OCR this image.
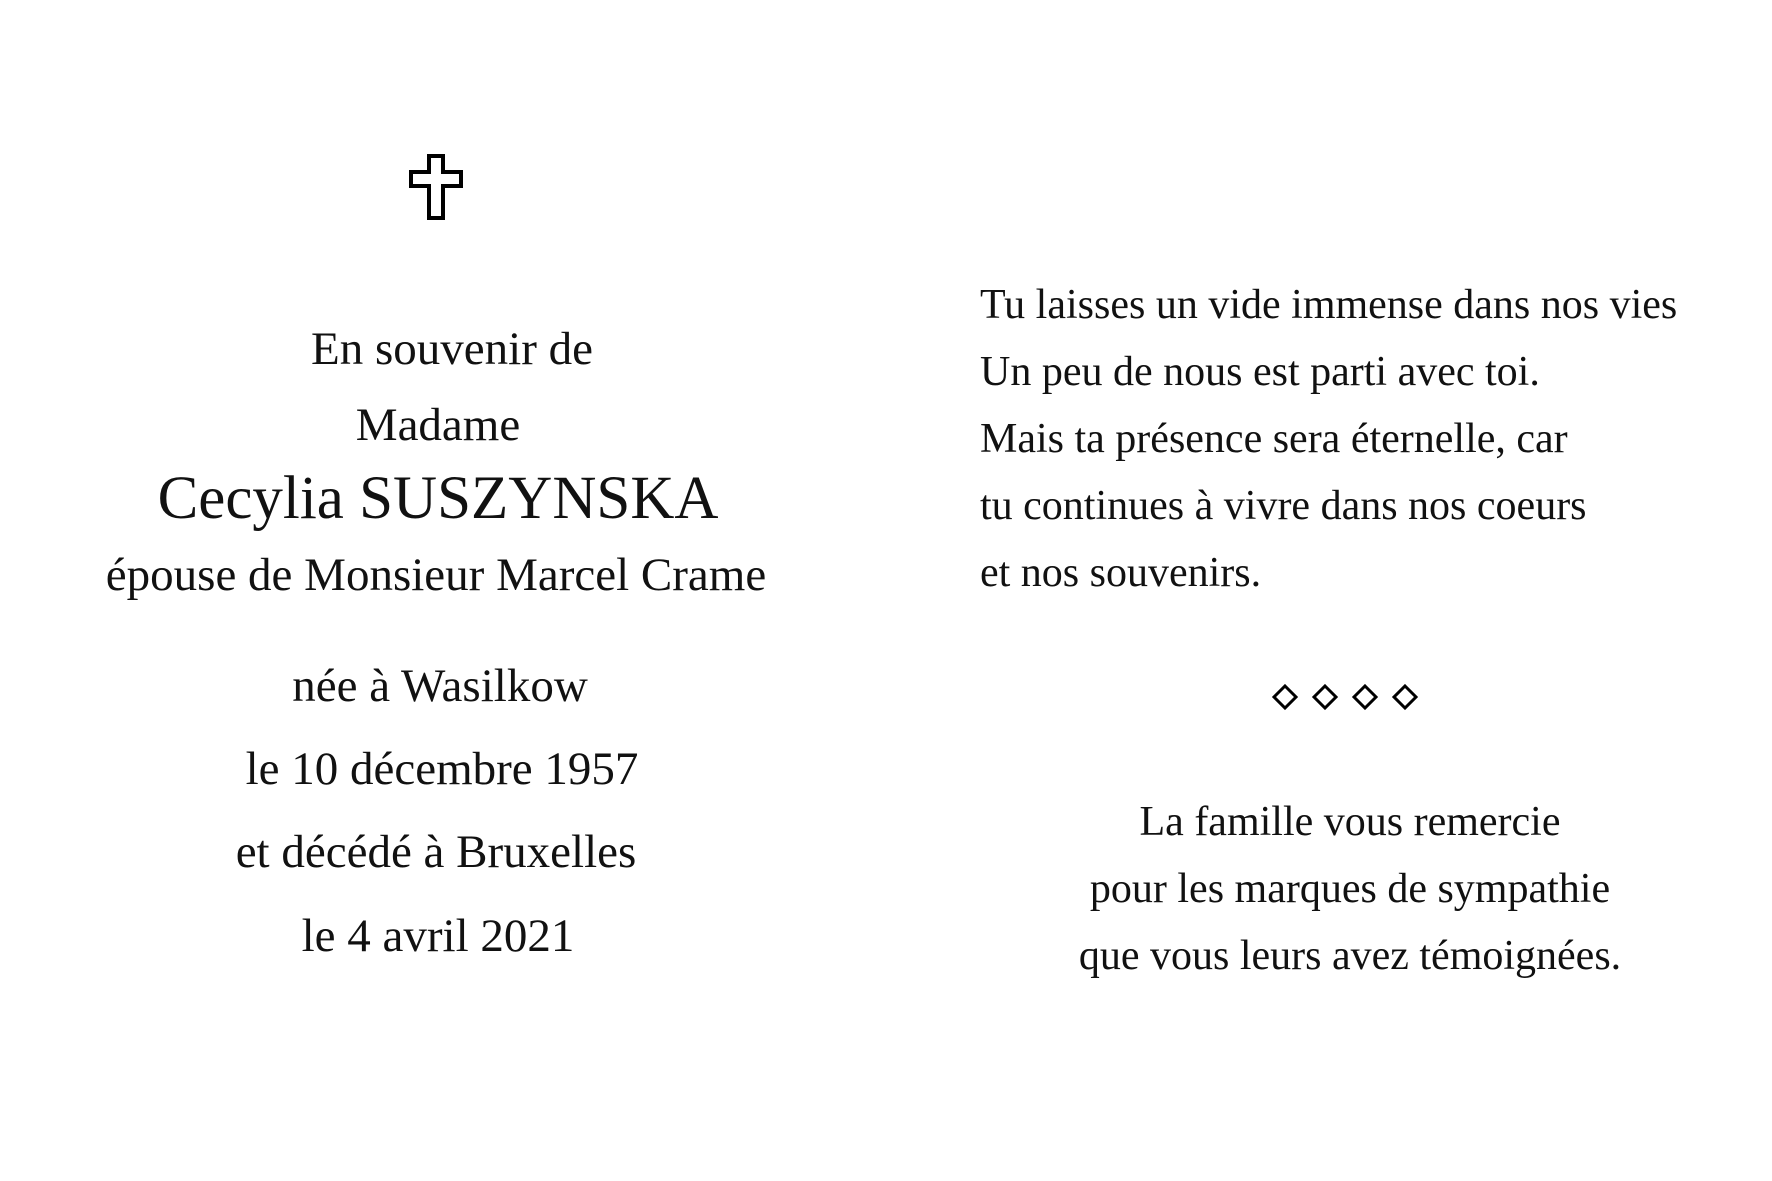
En souvenir de
Madame
Cecylia SUSZYNSKA
épouse de Monsieur Marcel Crame
née à Wasilkow
le 10 décembre 1957
et décédé à Bruxelles
le 4 avril 2021
Tu laisses un vide immense dans nos vies
Un peu de nous est parti avec toi.
Mais ta présence sera éternelle, car
tu continues à vivre dans nos coeurs
et nos souvenirs.
La famille vous remercie
pour les marques de sympathie
que vous leurs avez témoignées.
